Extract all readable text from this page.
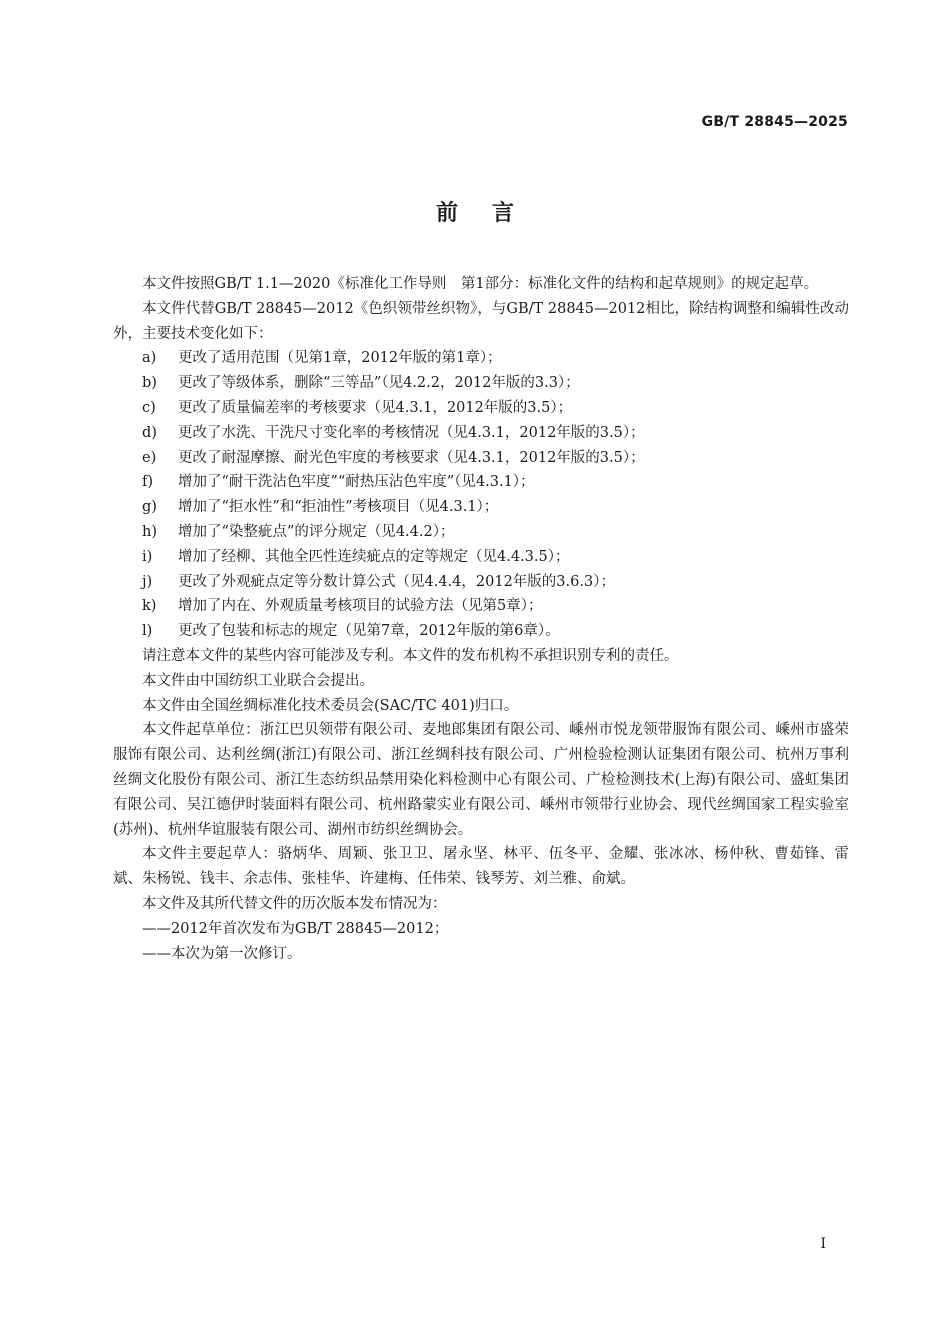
GB/T 28845—2025
前言

本文件按照GB/T 1.1—2020《标准化工作导则　第1部分：标准化文件的结构和起草规则》的规定起草。

本文件代替GB/T 28845—2012《色织领带丝织物》，与GB/T 28845—2012相比，除结构调整和编辑性改动外，主要技术变化如下：

a)	更改了适用范围（见第1章，2012年版的第1章）；

b)	更改了等级体系，删除“三等品”（见4.2.2，2012年版的3.3）；

c)	更改了质量偏差率的考核要求（见4.3.1，2012年版的3.5）；

d)	更改了水洗、干洗尺寸变化率的考核情况（见4.3.1，2012年版的3.5）；

e)	更改了耐湿摩擦、耐光色牢度的考核要求（见4.3.1，2012年版的3.5）；

f)	增加了“耐干洗沾色牢度”“耐热压沾色牢度”（见4.3.1）；

g)	增加了“拒水性”和“拒油性”考核项目（见4.3.1）；

h)	增加了“染整疵点”的评分规定（见4.4.2）；

i)	增加了经柳、其他全匹性连续疵点的定等规定（见4.4.3.5）；

j)	更改了外观疵点定等分数计算公式（见4.4.4，2012年版的3.6.3）；

k)	增加了内在、外观质量考核项目的试验方法（见第5章）；

l)	更改了包装和标志的规定（见第7章，2012年版的第6章）。

请注意本文件的某些内容可能涉及专利。本文件的发布机构不承担识别专利的责任。

本文件由中国纺织工业联合会提出。

本文件由全国丝绸标准化技术委员会(SAC/TC 401)归口。

本文件起草单位：浙江巴贝领带有限公司、麦地郎集团有限公司、嵊州市悦龙领带服饰有限公司、嵊州市盛荣服饰有限公司、达利丝绸(浙江)有限公司、浙江丝绸科技有限公司、广州检验检测认证集团有限公司、杭州万事利丝绸文化股份有限公司、浙江生态纺织品禁用染化料检测中心有限公司、广检检测技术(上海)有限公司、盛虹集团有限公司、吴江德伊时装面料有限公司、杭州路蒙实业有限公司、嵊州市领带行业协会、现代丝绸国家工程实验室(苏州)、杭州华谊服装有限公司、湖州市纺织丝绸协会。

本文件主要起草人：骆炳华、周颖、张卫卫、屠永坚、林平、伍冬平、金耀、张冰冰、杨仲秋、曹茹锋、雷斌、朱杨锐、钱丰、余志伟、张桂华、许建梅、任伟荣、钱琴芳、刘兰雅、俞斌。

本文件及其所代替文件的历次版本发布情况为：

——2012年首次发布为GB/T 28845—2012；

——本次为第一次修订。

I
